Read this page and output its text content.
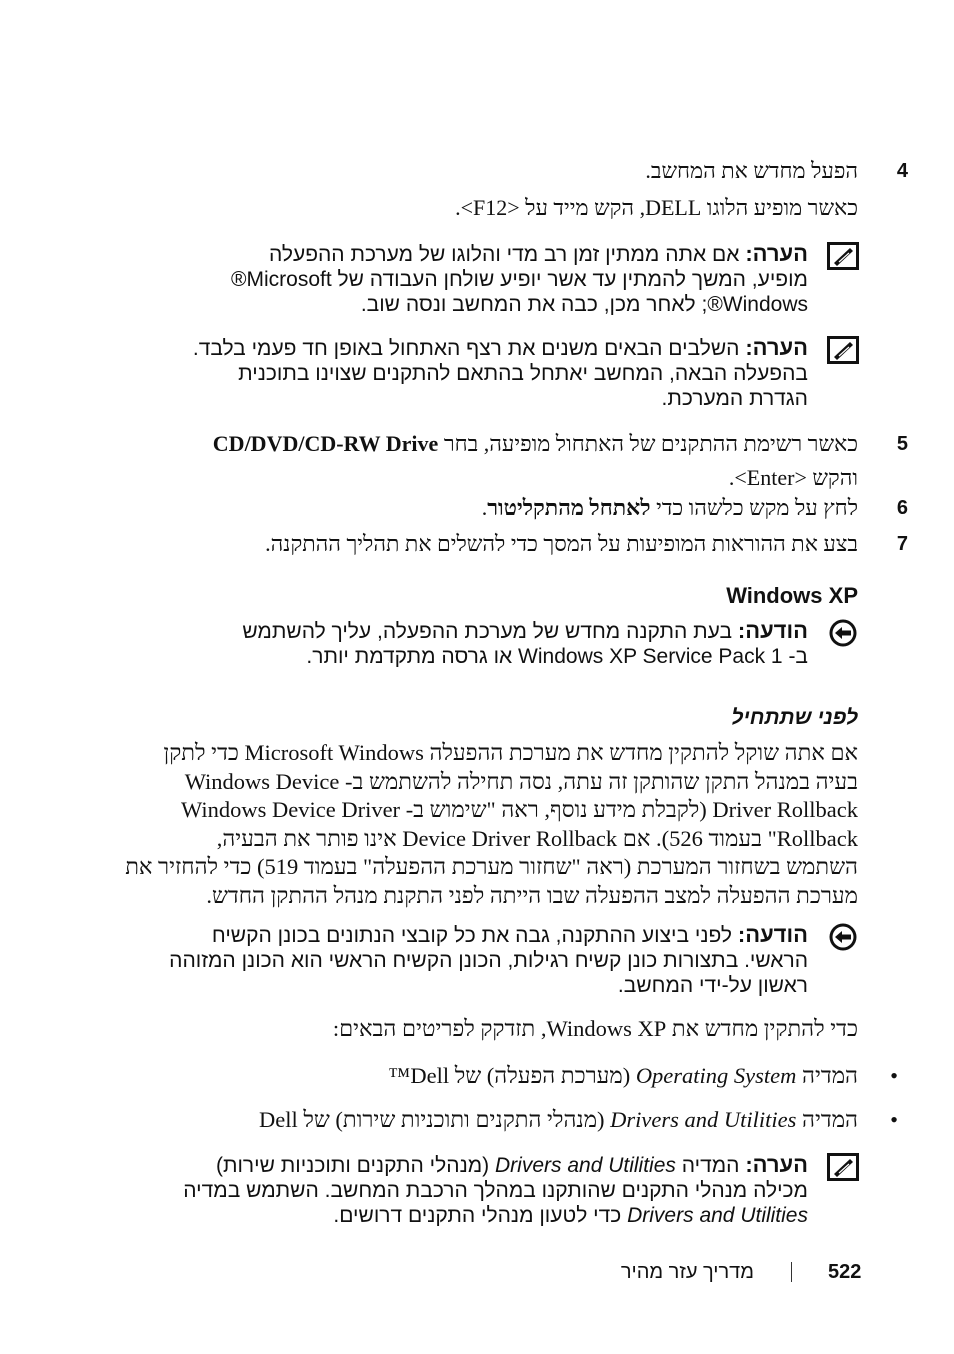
4
הפעל מחדש את המחשב.
כאשר מופיע הלוגו DELL, הקש מייד על <F12>.
הערה: אם אתה ממתין זמן רב מדי והלוגו של מערכת ההפעלה
מופיע, המשך להמתין עד אשר יופיע שולחן העבודה של Microsoft®
Windows®; לאחר מכן, כבה את המחשב ונסה שוב.
הערה: השלבים הבאים משנים את רצף האתחול באופן חד פעמי בלבד.
בהפעלה הבאה, המחשב יאתחל בהתאם להתקנים שצוינו בתוכנית
הגדרת המערכת.
5
כאשר רשימת ההתקנים של האתחול מופיעה, בחר CD/DVD/CD-RW Drive
והקש <Enter>.
6
לחץ על מקש כלשהו כדי לאתחל מהתקליטור.
7
בצע את ההוראות המופיעות על המסך כדי להשלים את תהליך ההתקנה.
Windows XP
הודעה: בעת התקנה מחדש של מערכת ההפעלה, עליך להשתמש
ב- Windows XP Service Pack 1 או גרסה מתקדמת יותר.
לפני שתתחיל
אם אתה שוקל להתקין מחדש את מערכת ההפעלה Microsoft Windows כדי לתקן
בעיה במנהל התקן שהותקן זה עתה, נסה תחילה להשתמש ב- Windows Device
Driver Rollback (לקבלת מידע נוסף, ראה "שימוש ב- Windows Device Driver
Rollback" בעמוד 526). אם Device Driver Rollback אינו פותר את הבעיה,
השתמש בשחזור המערכת (ראה "שחזור מערכת ההפעלה" בעמוד 519) כדי להחזיר את
מערכת ההפעלה למצב ההפעלה שבו הייתה לפני התקנת מנהל ההתקן החדש.
הודעה: לפני ביצוע ההתקנה, גבה את כל קובצי הנתונים בכונן הקשיח
הראשי. בתצורות כונן קשיח רגילות, הכונן הקשיח הראשי הוא הכונן המזוהה
ראשון על-ידי המחשב.
כדי להתקין מחדש את Windows XP, תזדקק לפריטים הבאים:
•
המדיה Operating System (מערכת הפעלה) של Dell™
•
המדיה Drivers and Utilities (מנהלי התקנים ותוכניות שירות) של Dell
הערה: המדיה Drivers and Utilities (מנהלי התקנים ותוכניות שירות)
מכילה מנהלי התקנים שהותקנו במהלך הרכבת המחשב. השתמש במדיה
Drivers and Utilities כדי לטעון מנהלי התקנים דרושים.
522
מדריך עזר מהיר
